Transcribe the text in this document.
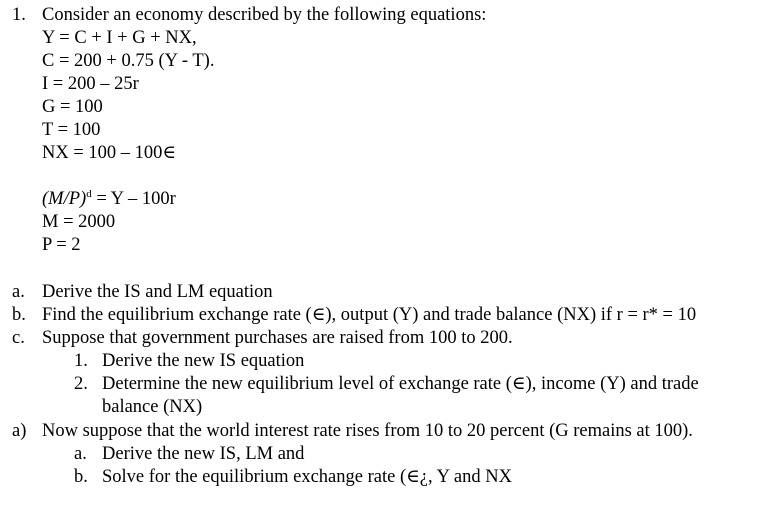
1. Consider an economy described by the following equations:
Y = C + I + G + NX,
C = 200 + 0.75 (Y - T).
I = 200 – 25r
G = 100
T = 100
NX = 100 – 100∈
$(M/P)^d = Y - 100r$
M = 2000
P = 2
a. Derive the IS and LM equation
b. Find the equilibrium exchange rate (∈), output (Y) and trade balance (NX) if r = r* = 10
c. Suppose that government purchases are raised from 100 to 200.
1. Derive the new IS equation
2. Determine the new equilibrium level of exchange rate (∈), income (Y) and trade
balance (NX)
a) Now suppose that the world interest rate rises from 10 to 20 percent (G remains at 100).
a. Derive the new IS, LM and
b. Solve for the equilibrium exchange rate (∈¿, Y and NX
